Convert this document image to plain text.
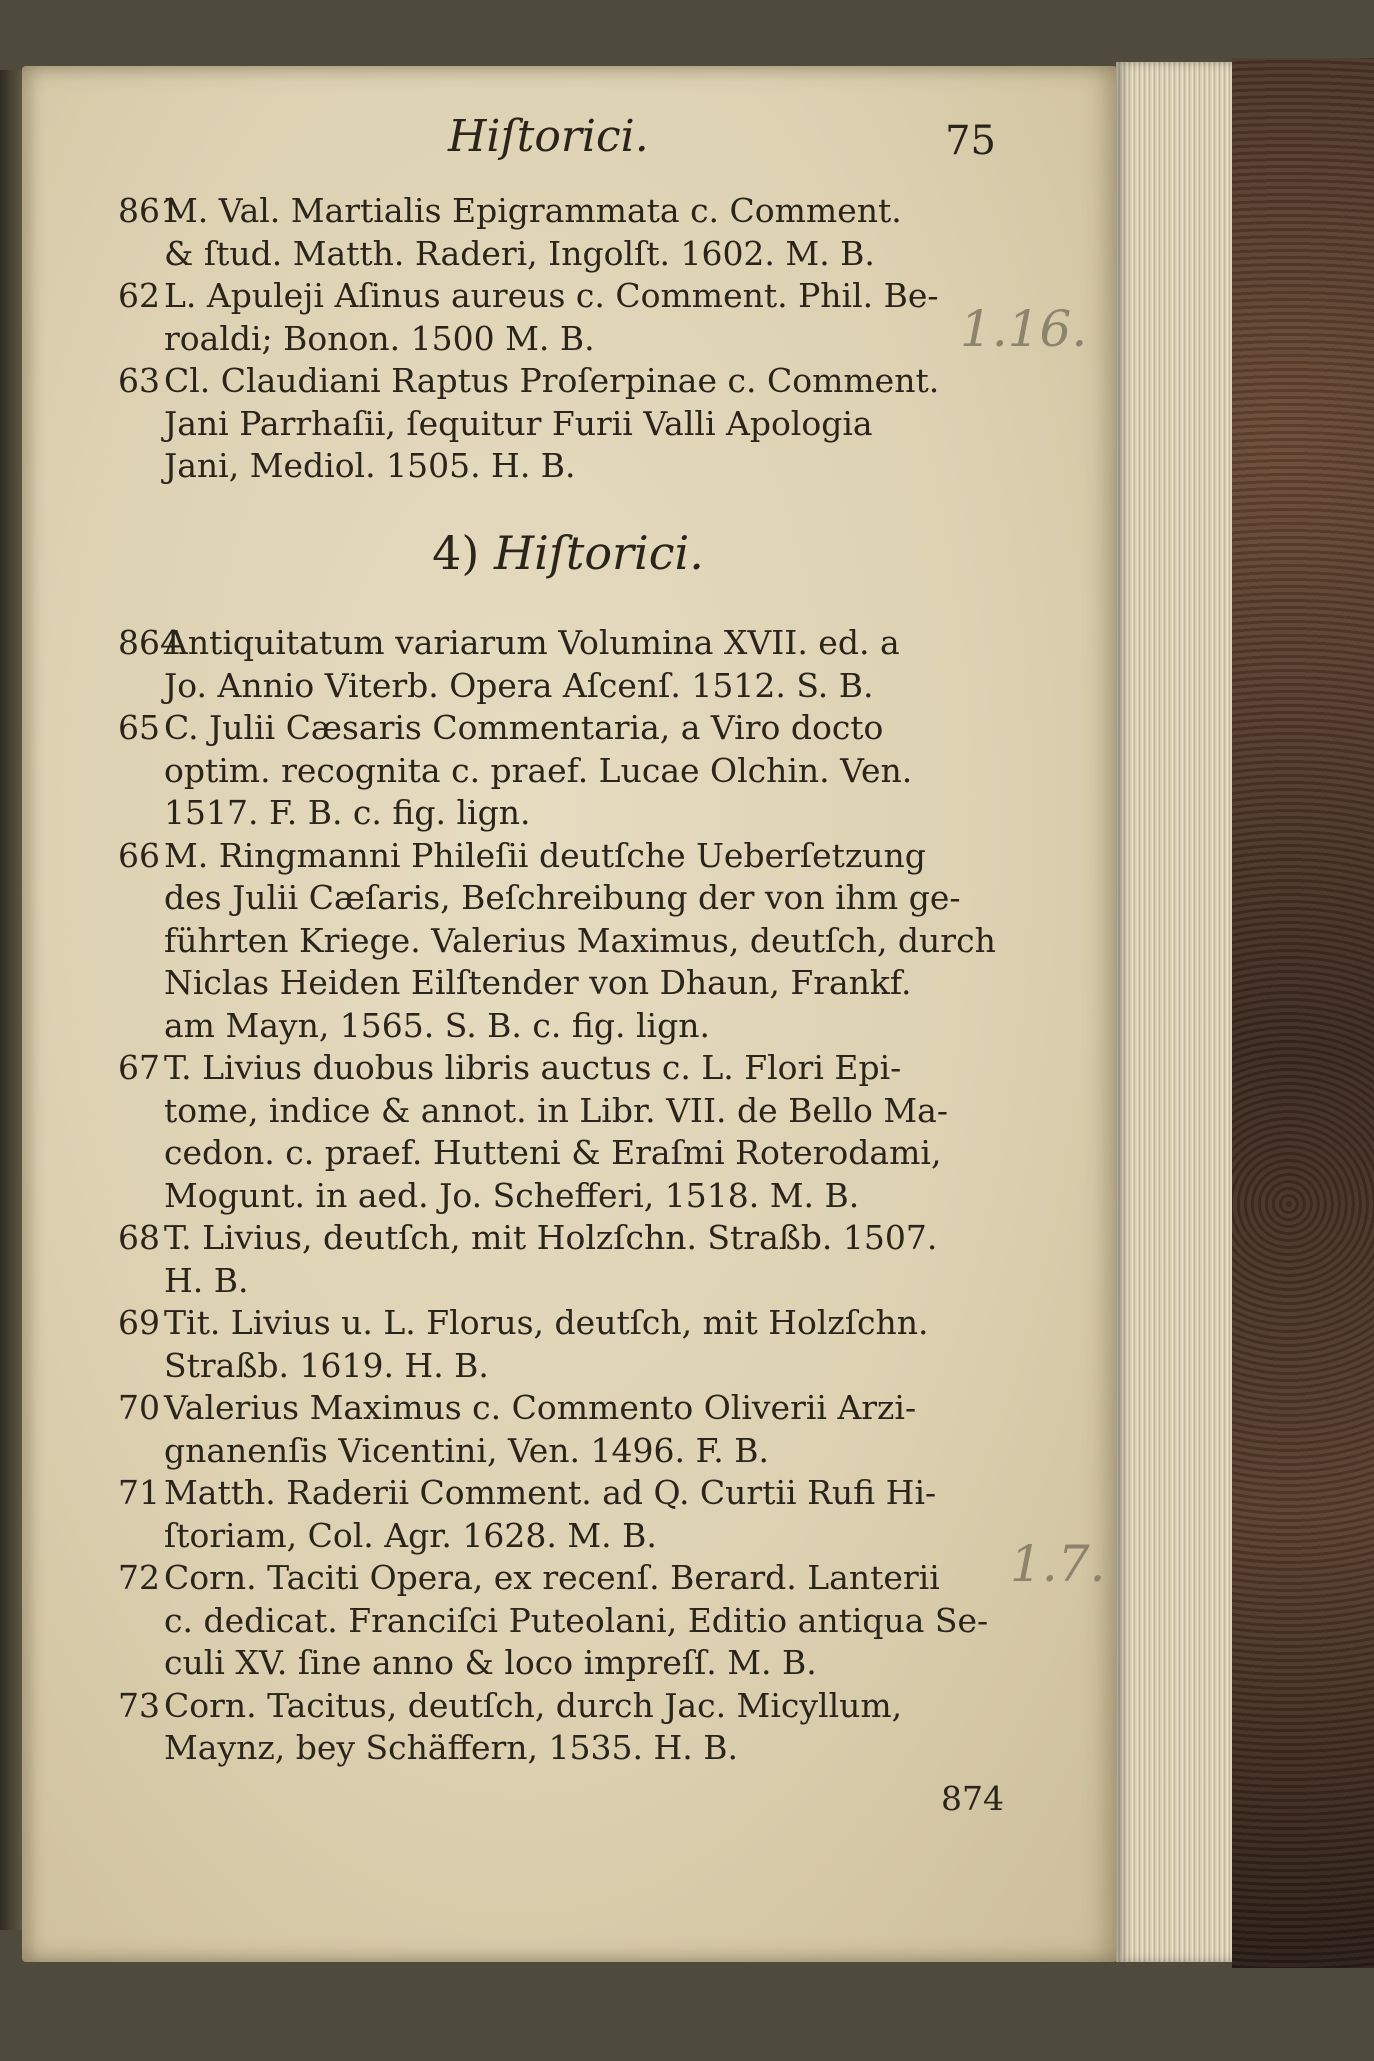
1.16.
1.7.
Hiſtorici.	75
861
M. Val. Martialis Epigrammata c. Comment.
& ſtud. Matth. Raderi, Ingolſt. 1602. M. B.
62 L. Apuleji Aſinus aureus c. Comment. Phil. Be-
roaldi; Bonon. 1500 M. B.
63 Cl. Claudiani Raptus Proſerpinae c. Comment.
Jani Parrhaſii, ſequitur Furii Valli Apologia
Jani, Mediol. 1505. H. B.
4) Hiſtorici.
864
Antiquitatum variarum Volumina XVII. ed. a
Jo. Annio Viterb. Opera Aſcenſ. 1512. S. B.
65 C. Julii Cæsaris Commentaria, a Viro docto
optim. recognita c. praef. Lucae Olchin. Ven.
1517. F. B. c. fig. lign.
66 M. Ringmanni Phileſii deutſche Ueberſetzung
des Julii Cæſaris, Beſchreibung der von ihm ge-
führten Kriege. Valerius Maximus, deutſch, durch
Niclas Heiden Eilſtender von Dhaun, Frankf.
am Mayn, 1565. S. B. c. fig. lign.
67 T. Livius duobus libris auctus c. L. Flori Epi-
tome, indice & annot. in Libr. VII. de Bello Ma-
cedon. c. praef. Hutteni & Eraſmi Roterodami,
Mogunt. in aed. Jo. Schefferi, 1518. M. B.
68 T. Livius, deutſch, mit Holzſchn. Straßb. 1507.
H. B.
69 Tit. Livius u. L. Florus, deutſch, mit Holzſchn.
Straßb. 1619. H. B.
70 Valerius Maximus c. Commento Oliverii Arzi-
gnanenſis Vicentini, Ven. 1496. F. B.
71 Matth. Raderii Comment. ad Q. Curtii Rufi Hi-
ſtoriam, Col. Agr. 1628. M. B.
72 Corn. Taciti Opera, ex recenſ. Berard. Lanterii
c. dedicat. Franciſci Puteolani, Editio antiqua Se-
culi XV. ſine anno & loco impreſſ. M. B.
73 Corn. Tacitus, deutſch, durch Jac. Micyllum,
Maynz, bey Schäffern, 1535. H. B.
874
